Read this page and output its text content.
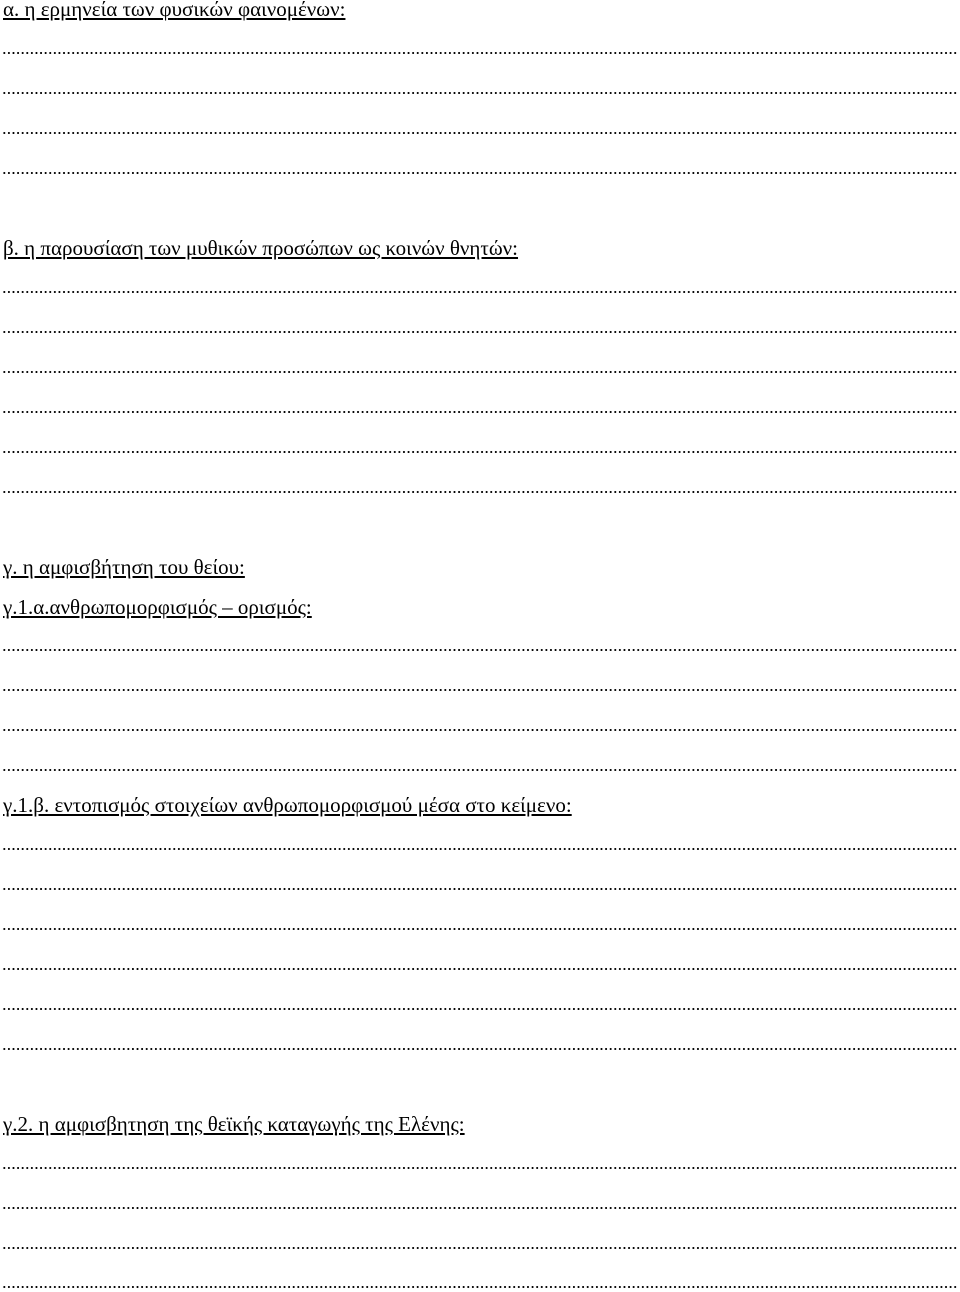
α. η ερμηνεία των φυσικών φαινομένων:
β. η παρουσίαση των μυθικών προσώπων ως κοινών θνητών:
γ. η αμφισβήτηση του θείου:
γ.1.α.ανθρωπομορφισμός – ορισμός:
γ.1.β. εντοπισμός στοιχείων ανθρωπομορφισμού μέσα στο κείμενο:
γ.2. η αμφισβητηση της θεϊκής καταγωγής της Ελένης:
